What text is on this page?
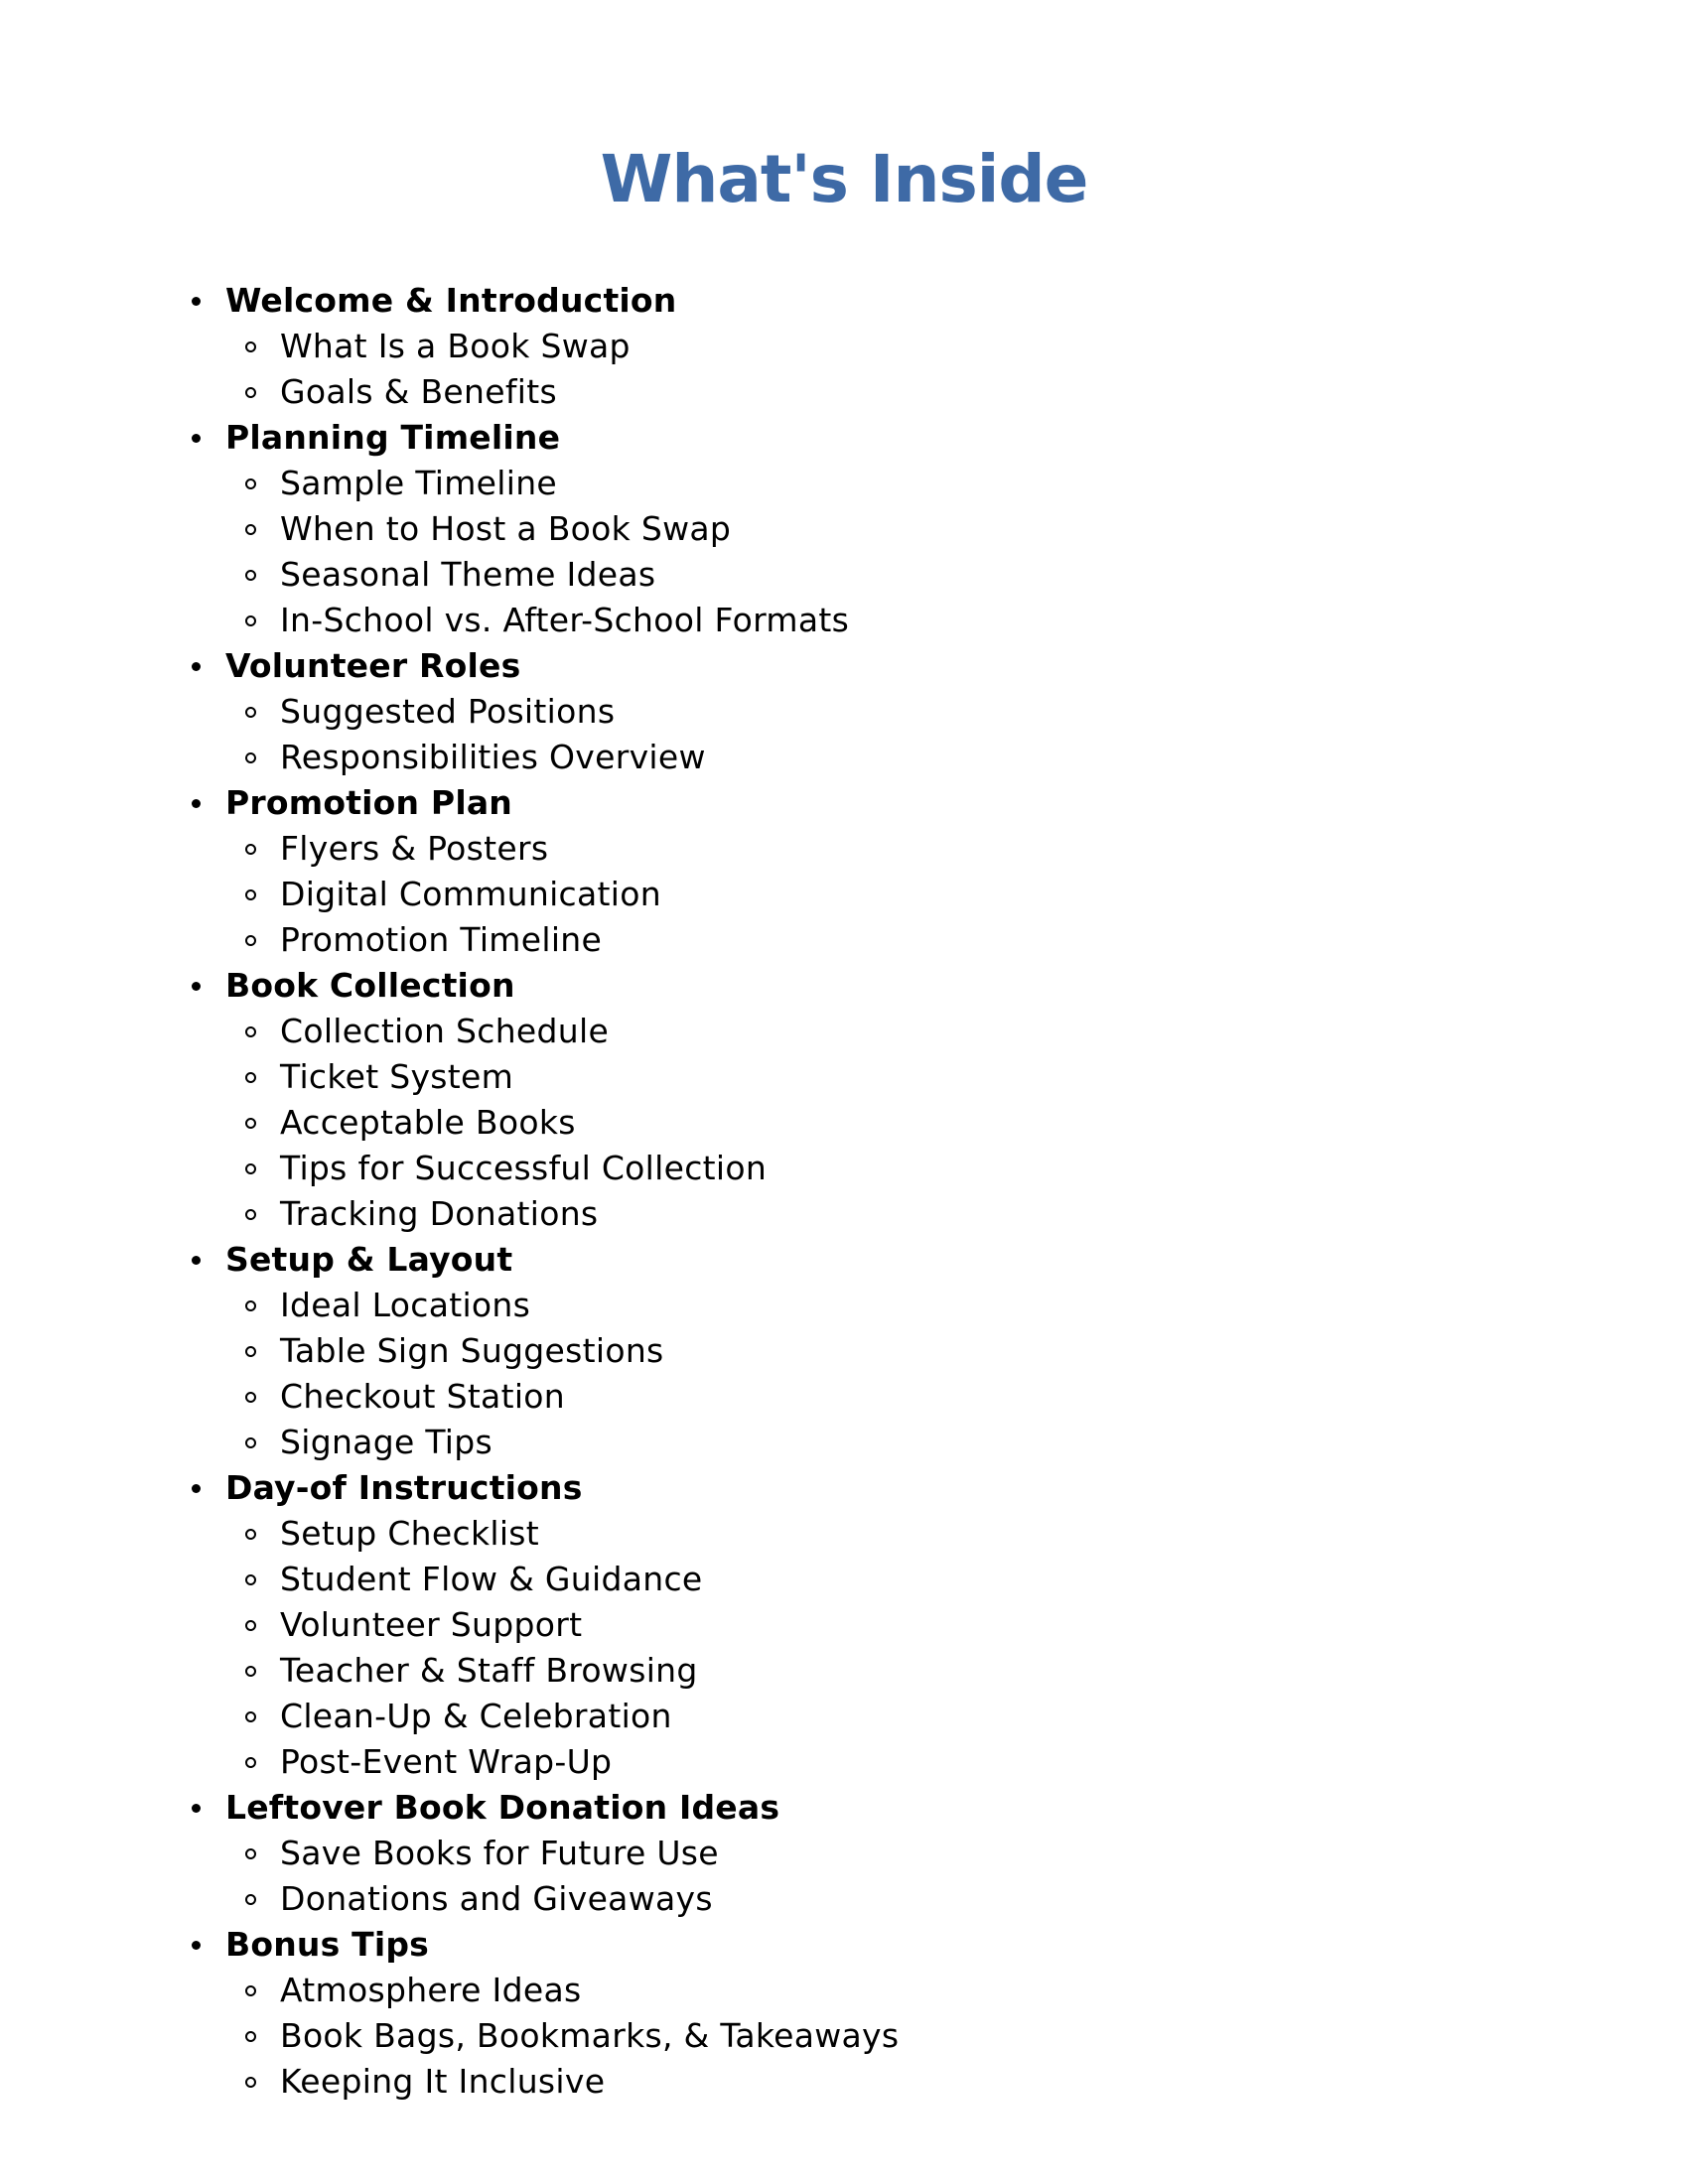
What's Inside
Welcome & Introduction
What Is a Book Swap
Goals & Benefits
Planning Timeline
Sample Timeline
When to Host a Book Swap
Seasonal Theme Ideas
In-School vs. After-School Formats
Volunteer Roles
Suggested Positions
Responsibilities Overview
Promotion Plan
Flyers & Posters
Digital Communication
Promotion Timeline
Book Collection
Collection Schedule
Ticket System
Acceptable Books
Tips for Successful Collection
Tracking Donations
Setup & Layout
Ideal Locations
Table Sign Suggestions
Checkout Station
Signage Tips
Day-of Instructions
Setup Checklist
Student Flow & Guidance
Volunteer Support
Teacher & Staff Browsing
Clean-Up & Celebration
Post-Event Wrap-Up
Leftover Book Donation Ideas
Save Books for Future Use
Donations and Giveaways
Bonus Tips
Atmosphere Ideas
Book Bags, Bookmarks, & Takeaways
Keeping It Inclusive
